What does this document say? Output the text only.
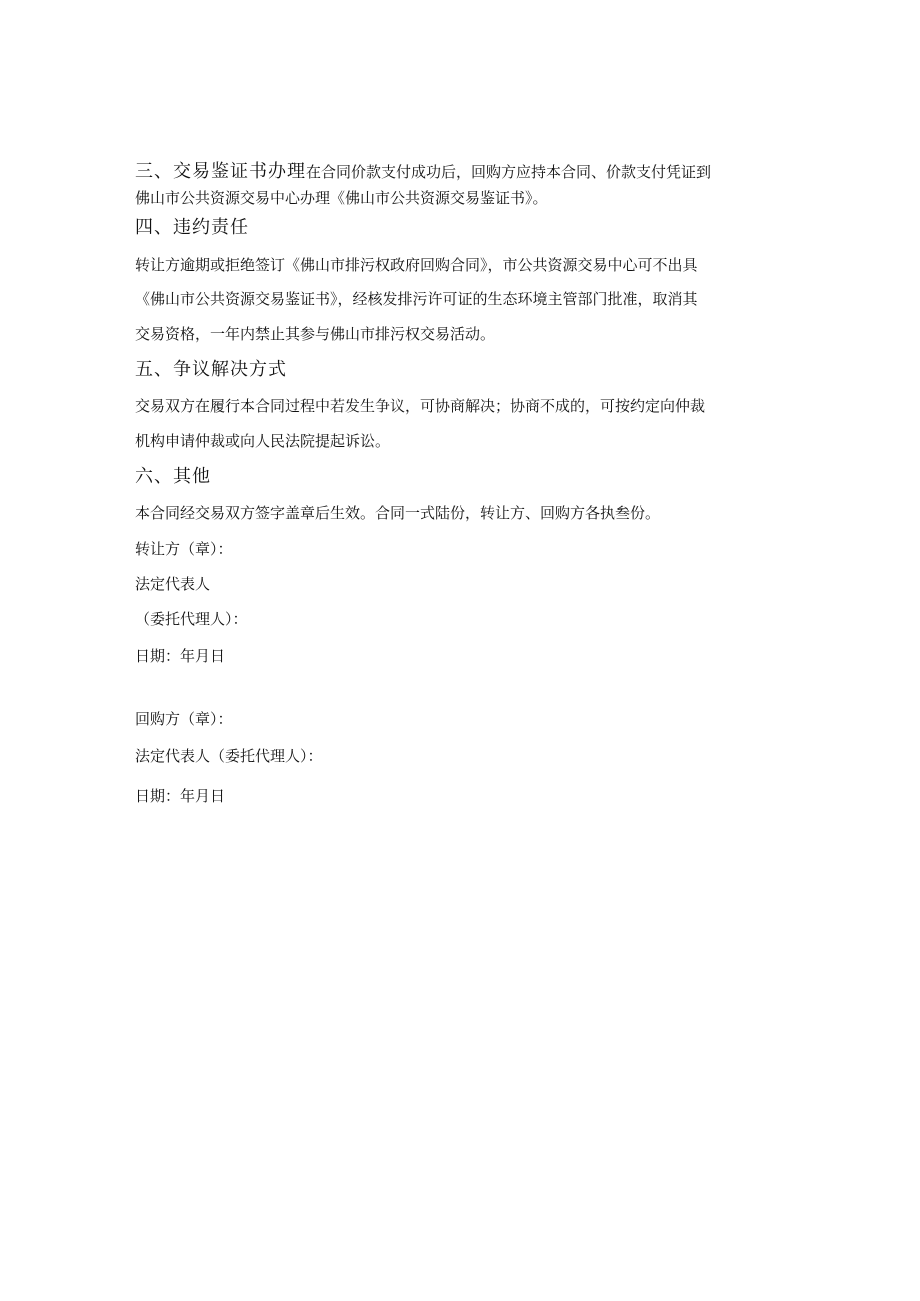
三、交易鉴证书办理在合同价款支付成功后，回购方应持本合同、价款支付凭证到
佛山市公共资源交易中心办理《佛山市公共资源交易鉴证书》。
四、违约责任
转让方逾期或拒绝签订《佛山市排污权政府回购合同》，市公共资源交易中心可不出具
《佛山市公共资源交易鉴证书》，经核发排污许可证的生态环境主管部门批准，取消其
交易资格，一年内禁止其参与佛山市排污权交易活动。
五、争议解决方式
交易双方在履行本合同过程中若发生争议，可协商解决；协商不成的，可按约定向仲裁
机构申请仲裁或向人民法院提起诉讼。
六、其他
本合同经交易双方签字盖章后生效。合同一式陆份，转让方、回购方各执叁份。
转让方（章）：
法定代表人
（委托代理人）：
日期：年月日
回购方（章）：
法定代表人（委托代理人）：
日期：年月日
